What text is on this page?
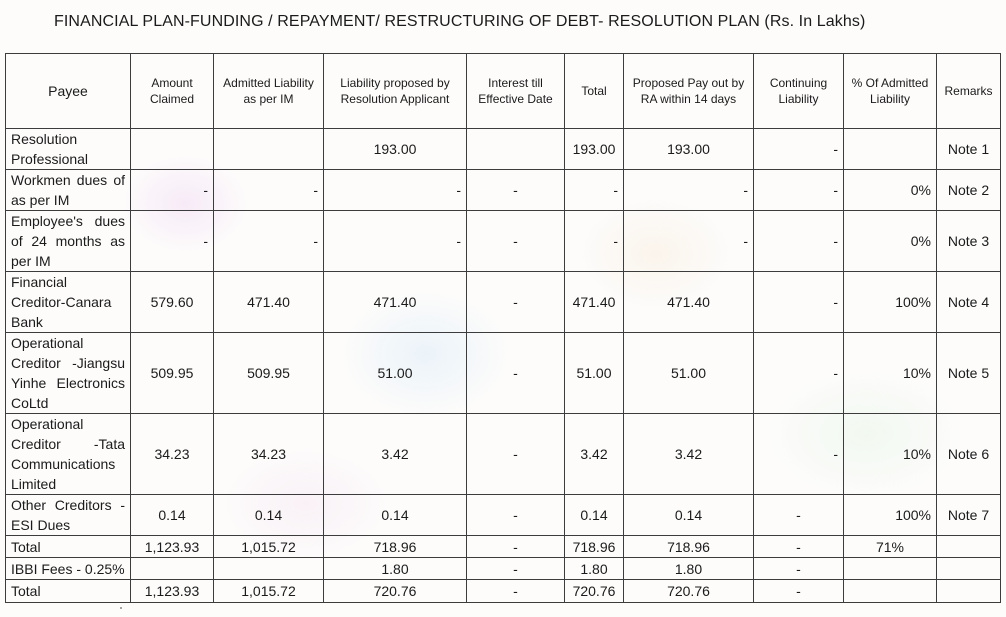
FINANCIAL PLAN-FUNDING / REPAYMENT/ RESTRUCTURING OF DEBT- RESOLUTION PLAN (Rs. In Lakhs)
Payee	Amount Claimed	Admitted Liability as per IM	Liability proposed by Resolution Applicant	Interest till Effective Date	Total	Proposed Pay out by RA within 14 days	Continuing Liability	% Of Admitted Liability	Remarks
Resolution Professional			193.00		193.00	193.00	-		Note 1
Workmen dues of as per IM	-	-	-	-	-	-	-	0%	Note 2
Employee's dues of 24 months as per IM	-	-	-	-	-	-	-	0%	Note 3
Financial Creditor-Canara Bank	579.60	471.40	471.40	-	471.40	471.40	-	100%	Note 4
Operational Creditor -Jiangsu Yinhe Electronics CoLtd	509.95	509.95	51.00	-	51.00	51.00	-	10%	Note 5
Operational Creditor -Tata Communications Limited	34.23	34.23	3.42	-	3.42	3.42	-	10%	Note 6
Other Creditors - ESI Dues	0.14	0.14	0.14	-	0.14	0.14	-	100%	Note 7
Total	1,123.93	1,015.72	718.96	-	718.96	718.96	-	71%	
IBBI Fees - 0.25%			1.80	-	1.80	1.80	-		
Total	1,123.93	1,015.72	720.76	-	720.76	720.76	-		
